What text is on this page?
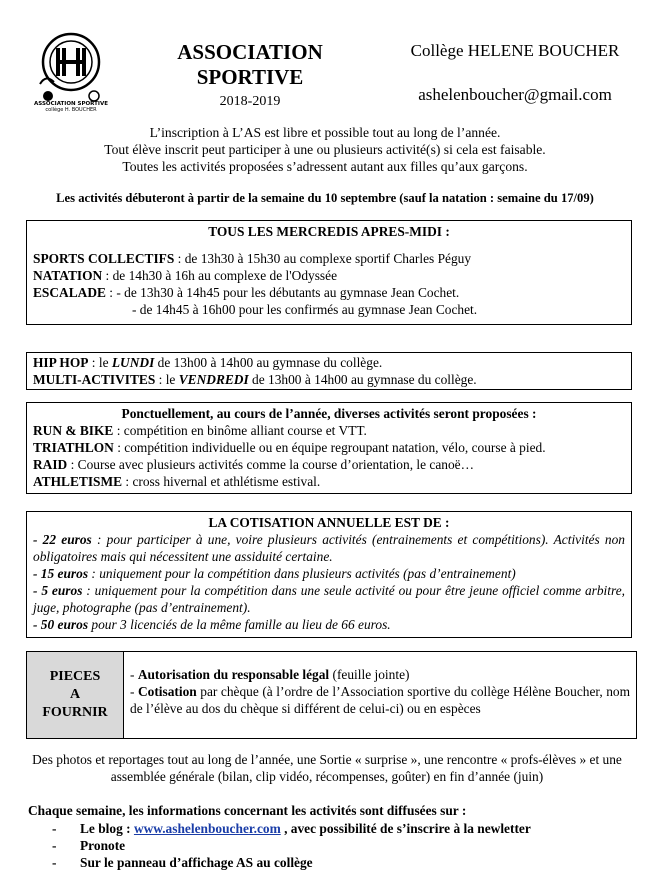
ASSOCIATION SPORTIVE
collège H. BOUCHER
ASSOCIATION
SPORTIVE
2018-2019
Collège HELENE BOUCHER
ashelenboucher@gmail.com
L’inscription à L’AS est libre et possible tout au long de l’année.
Tout élève inscrit peut participer à une ou plusieurs activité(s) si cela est faisable.
Toutes les activités proposées s’adressent autant aux filles qu’aux garçons.
Les activités débuteront à partir de la semaine du 10 septembre (sauf la natation : semaine du 17/09)
TOUS LES MERCREDIS APRES-MIDI :
SPORTS COLLECTIFS : de 13h30 à 15h30 au complexe sportif Charles Péguy
NATATION : de 14h30 à 16h au complexe de l'Odyssée
ESCALADE : - de 13h30 à 14h45 pour les débutants au gymnase Jean Cochet.
- de 14h45 à 16h00 pour les confirmés au gymnase Jean Cochet.
HIP HOP : le LUNDI de 13h00 à 14h00 au gymnase du collège.
MULTI-ACTIVITES : le VENDREDI de 13h00 à 14h00 au gymnase du collège.
Ponctuellement, au cours de l’année, diverses activités seront proposées :
RUN & BIKE : compétition en binôme alliant course et VTT.
TRIATHLON : compétition individuelle ou en équipe regroupant natation, vélo, course à pied.
RAID : Course avec plusieurs activités comme la course d’orientation, le canoë…
ATHLETISME : cross hivernal et athlétisme estival.
LA COTISATION ANNUELLE EST DE :
- 22 euros : pour participer à une, voire plusieurs activités (entrainements et compétitions). Activités non obligatoires mais qui nécessitent une assiduité certaine.
- 15 euros : uniquement pour la compétition dans plusieurs activités (pas d’entrainement)
- 5 euros : uniquement pour la compétition dans une seule activité ou pour être jeune officiel comme arbitre, juge, photographe (pas d’entrainement).
- 50 euros pour 3 licenciés de la même famille au lieu de 66 euros.
PIECES
A
FOURNIR
- Autorisation du responsable légal (feuille jointe)
- Cotisation par chèque (à l’ordre de l’Association sportive du collège Hélène Boucher, nom de l’élève au dos du chèque si différent de celui-ci) ou en espèces
Des photos et reportages tout au long de l’année, une Sortie « surprise », une rencontre « profs-élèves » et une assemblée générale (bilan, clip vidéo, récompenses, goûter) en fin d’année (juin)
Chaque semaine, les informations concernant les activités sont diffusées sur :
- Le blog : www.ashelenboucher.com , avec possibilité de s’inscrire à la newletter
- Pronote
- Sur le panneau d’affichage AS au collège
